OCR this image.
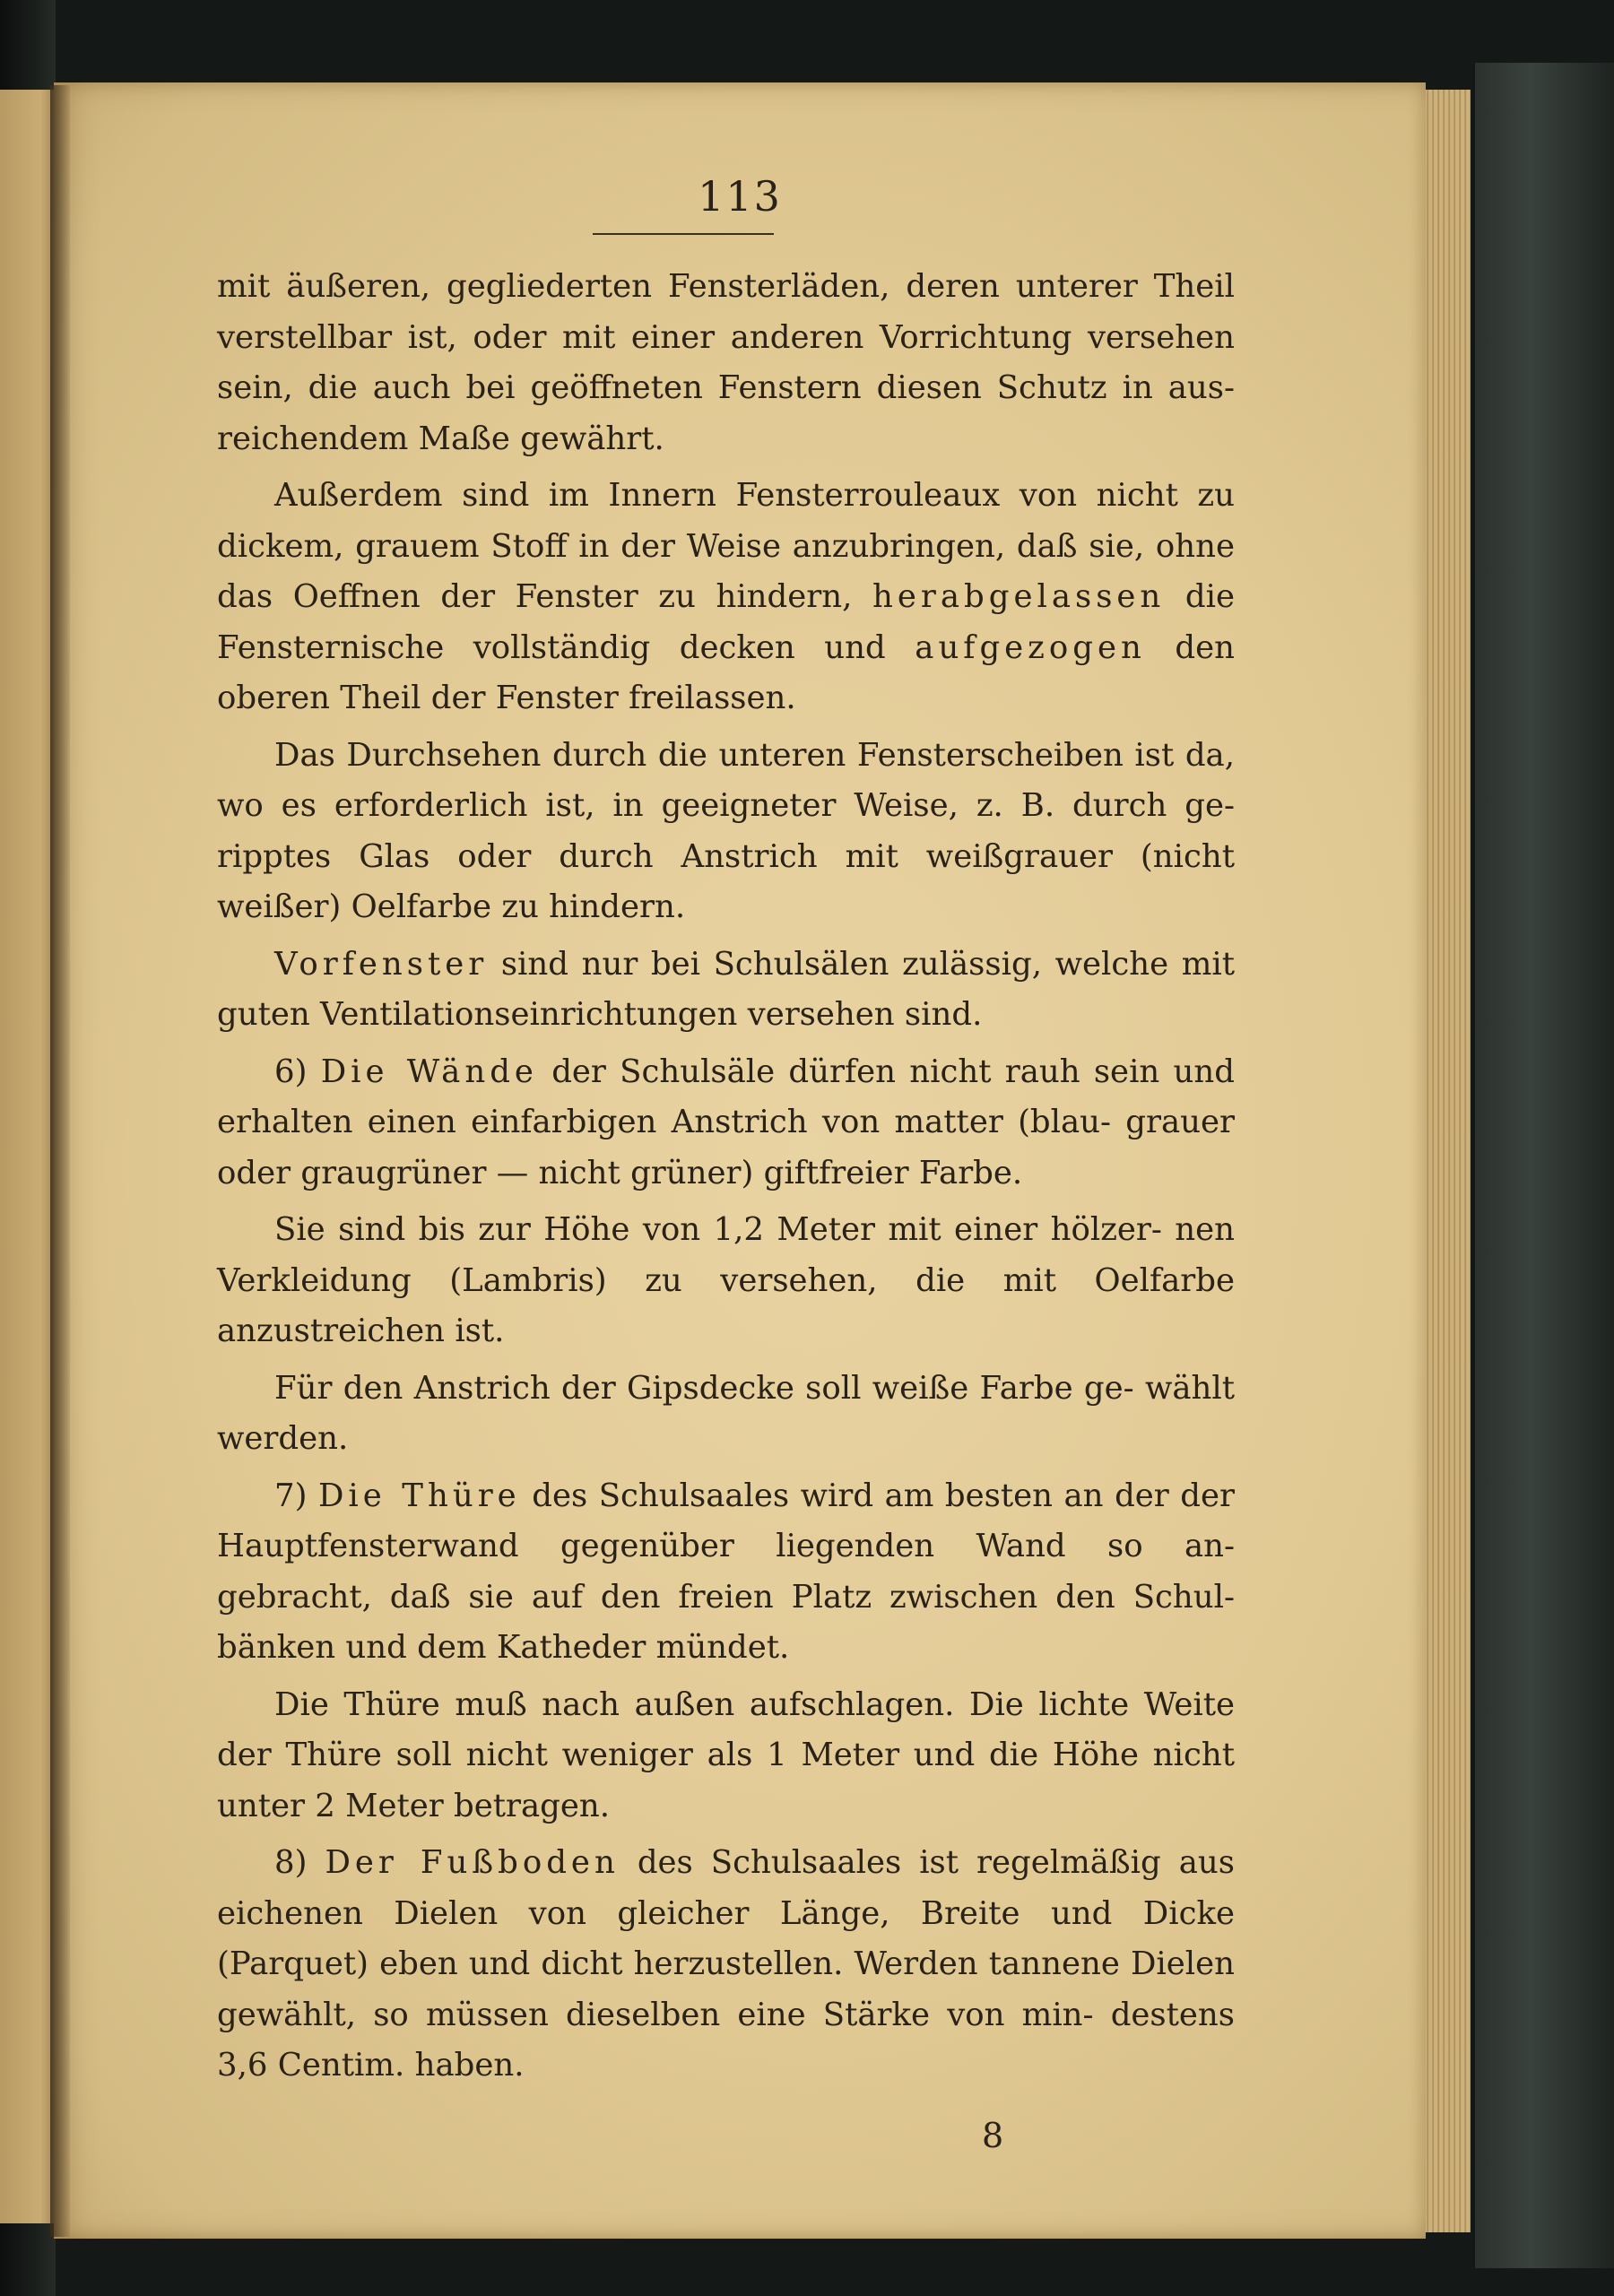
113

mit äußeren, gegliederten Fensterläden, deren unterer Theil verstellbar ist, oder mit einer anderen Vorrichtung versehen sein, die auch bei geöffneten Fenstern diesen Schutz in aus- reichendem Maße gewährt.

Außerdem sind im Innern Fensterrouleaux von nicht zu dickem, grauem Stoff in der Weise anzubringen, daß sie, ohne das Oeffnen der Fenster zu hindern, herabgelassen die Fensternische vollständig decken und aufgezogen den oberen Theil der Fenster freilassen.

Das Durchsehen durch die unteren Fensterscheiben ist da, wo es erforderlich ist, in geeigneter Weise, z. B. durch ge-ripptes Glas oder durch Anstrich mit weißgrauer (nicht weißer) Oelfarbe zu hindern.

Vorfenster sind nur bei Schulsälen zulässig, welche mit guten Ventilationseinrichtungen versehen sind.

6) Die Wände der Schulsäle dürfen nicht rauh sein und erhalten einen einfarbigen Anstrich von matter (blau- grauer oder graugrüner — nicht grüner) giftfreier Farbe.

Sie sind bis zur Höhe von 1,2 Meter mit einer hölzer- nen Verkleidung (Lambris) zu versehen, die mit Oelfarbe anzustreichen ist.

Für den Anstrich der Gipsdecke soll weiße Farbe ge- wählt werden.

7) Die Thüre des Schulsaales wird am besten an der der Hauptfensterwand gegenüber liegenden Wand so an- gebracht, daß sie auf den freien Platz zwischen den Schul- bänken und dem Katheder mündet.

Die Thüre muß nach außen aufschlagen. Die lichte Weite der Thüre soll nicht weniger als 1 Meter und die Höhe nicht unter 2 Meter betragen.

8) Der Fußboden des Schulsaales ist regelmäßig aus eichenen Dielen von gleicher Länge, Breite und Dicke (Parquet) eben und dicht herzustellen. Werden tannene Dielen gewählt, so müssen dieselben eine Stärke von min- destens 3,6 Centim. haben.

8
